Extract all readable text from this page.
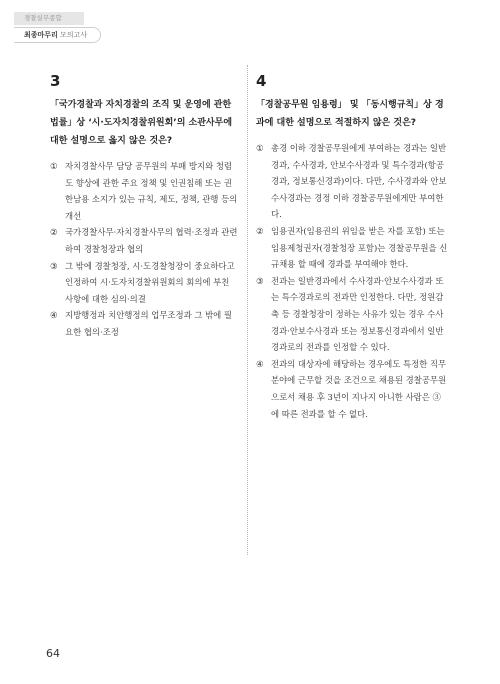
경찰실무종합
최종마무리 모의고사
3

「국가경찰과 자치경찰의 조직 및 운영에 관한 법률」상 ‘시·도자치경찰위원회’의 소관사무에 대한 설명으로 옳지 않은 것은?

① 자치경찰사무 담당 공무원의 부패 방지와 청렴도 향상에 관한 주요 정책 및 인권침해 또는 권한남용 소지가 있는 규칙, 제도, 정책, 관행 등의 개선
② 국가경찰사무·자치경찰사무의 협력·조정과 관련하여 경찰청장과 협의
③ 그 밖에 경찰청장, 시·도경찰청장이 중요하다고 인정하여 시·도자치경찰위원회의 회의에 부친 사항에 대한 심의·의결
④ 지방행정과 치안행정의 업무조정과 그 밖에 필요한 협의·조정
4

「경찰공무원 임용령」 및 「동시행규칙」상 경과에 대한 설명으로 적절하지 않은 것은?

① 총경 이하 경찰공무원에게 부여하는 경과는 일반경과, 수사경과, 안보수사경과 및 특수경과(항공경과, 정보통신경과)이다. 다만, 수사경과와 안보수사경과는 경정 이하 경찰공무원에게만 부여한다.
② 임용권자(임용권의 위임을 받은 자를 포함) 또는 임용제청권자(경찰청장 포함)는 경찰공무원을 신규채용 할 때에 경과를 부여해야 한다.
③ 전과는 일반경과에서 수사경과·안보수사경과 또는 특수경과로의 전과만 인정한다. 다만, 정원감축 등 경찰청장이 정하는 사유가 있는 경우 수사경과·안보수사경과 또는 정보통신경과에서 일반경과로의 전과를 인정할 수 있다.
④ 전과의 대상자에 해당하는 경우에도 특정한 직무분야에 근무할 것을 조건으로 채용된 경찰공무원으로서 채용 후 3년이 지나지 아니한 사람은 ③에 따른 전과를 할 수 없다.
64
